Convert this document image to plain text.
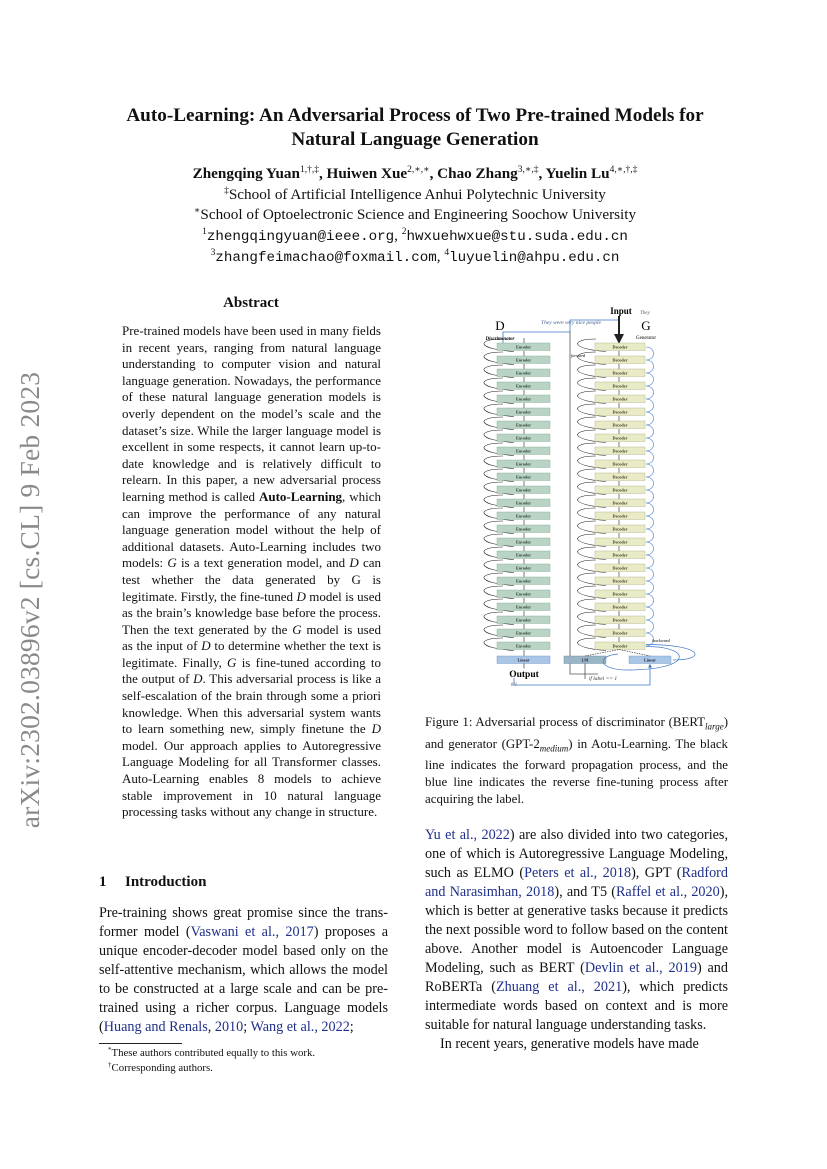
arXiv:2302.03896v2 [cs.CL] 9 Feb 2023
Auto-Learning: An Adversarial Process of Two Pre-trained Models for
Natural Language Generation
Zhengqing Yuan$^{1,\dagger,\ddagger}$, Huiwen Xue$^{2,∗,∗}$, Chao Zhang$^{3,∗,\ddagger}$, Yuelin $Lu^{4,∗,\dagger,\ddagger}$
‡School of Artificial Intelligence Anhui Polytechnic University
∗School of Optoelectronic Science and Engineering Soochow University
$^1$zhengqingyuan@ieee.org, $^2$hwxuehwxue@stu.suda.edu.cn
$^3$zhangfeimachao@foxmail.com, $^4$luyuelin@ahpu.edu.cn
Abstract
Pre-trained models have been used in many fields in recent years, ranging from natural language understanding to computer vision and natural language generation. Nowadays, the performance of these natural language generation models is overly dependent on the model’s scale and the dataset’s size. While the larger language model is excellent in some respects, it cannot learn up-to-date knowledge and is relatively difficult to relearn. In this paper, a new adversarial process learning method is called Auto-Learning, which can improve the performance of any natural language generation model without the help of additional datasets. Auto-Learning includes two models: G is a text generation model, and D can test whether the data generated by G is legitimate. Firstly, the fine-tuned D model is used as the brain’s knowledge base before the process. Then the text generated by the G model is used as the input of D to determine whether the text is legitimate. Finally, G is fine-tuned according to the output of D. This adversarial process is like a self-escalation of the brain through some a priori knowledge. When this adversarial system wants to learn something new, simply finetune the D model. Our approach applies to Autoregressive Language Modeling for all Transformer classes. Auto-Learning enables 8 models to achieve stable improvement in 10 natural language processing tasks without any change in structure.
1 Introduction
Pre-training shows great promise since the transformer model (Vaswani et al., 2017) proposes a unique encoder-decoder model based only on the self-attentive mechanism, which allows the model to be constructed at a large scale and can be pretrained using a richer corpus. Language models (Huang and Renals, 2010; Wang et al., 2022;
*These authors contributed equally to this work.
†Corresponding authors.
D
Discriminator
G
Generator
Input They
They were very nice people
forward
backward
Output
0/1
if label == 1
Encoder
Encoder
Encoder
Encoder
Encoder
Encoder
Encoder
Encoder
Encoder
Encoder
Encoder
Encoder
Encoder
Encoder
Encoder
Encoder
Encoder
Encoder
Encoder
Encoder
Encoder
Encoder
Encoder
Encoder
Decoder
Decoder
Decoder
Decoder
Decoder
Decoder
Decoder
Decoder
Decoder
Decoder
Decoder
Decoder
Decoder
Decoder
Decoder
Decoder
Decoder
Decoder
Decoder
Decoder
Decoder
Decoder
Decoder
Decoder
Linear	LM	Linear
Figure 1: Adversarial process of discriminator $(BERT_{large})$ and generator $(GPT-2_{medium})$ in Aotu-Learning. The black line indicates the forward propagation process, and the blue line indicates the reverse fine-tuning process after acquiring the label.

Yu et al., 2022) are also divided into two categories, one of which is Autoregressive Language Modeling, such as ELMO (Peters et al., 2018), GPT (Radford and Narasimhan, 2018), and T5 (Raffel et al., 2020), which is better at generative tasks because it predicts the next possible word to follow based on the content above. Another model is Autoencoder Language Modeling, such as BERT (Devlin et al., 2019) and RoBERTa (Zhuang et al., 2021), which predicts intermediate words based on context and is more suitable for natural language understanding tasks.

In recent years, generative models have made
